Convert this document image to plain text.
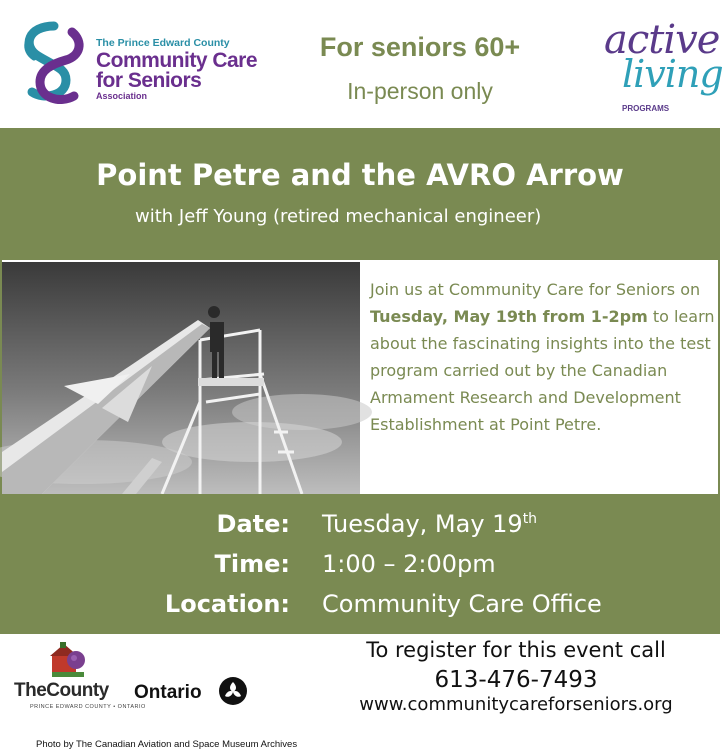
The Prince Edward County
Community Care
for Seniors
Association
For seniors 60+
In-person only
active
living
PROGRAMS
Point Petre and the AVRO Arrow
with Jeff Young (retired mechanical engineer)
Photo by The Canadian Aviation and Space Museum Archives
Join us at Community Care for Seniors on Tuesday, May 19th from 1-2pm to learn about the fascinating insights into the test program carried out by the Canadian Armament Research and Development Establishment at Point Petre.
Date: Tuesday, May 19th
Time: 1:00 – 2:00pm
Location: Community Care Office
TheCounty
PRINCE EDWARD COUNTY • ONTARIO
Ontario
To register for this event call
613-476-7493
www.communitycareforseniors.org
